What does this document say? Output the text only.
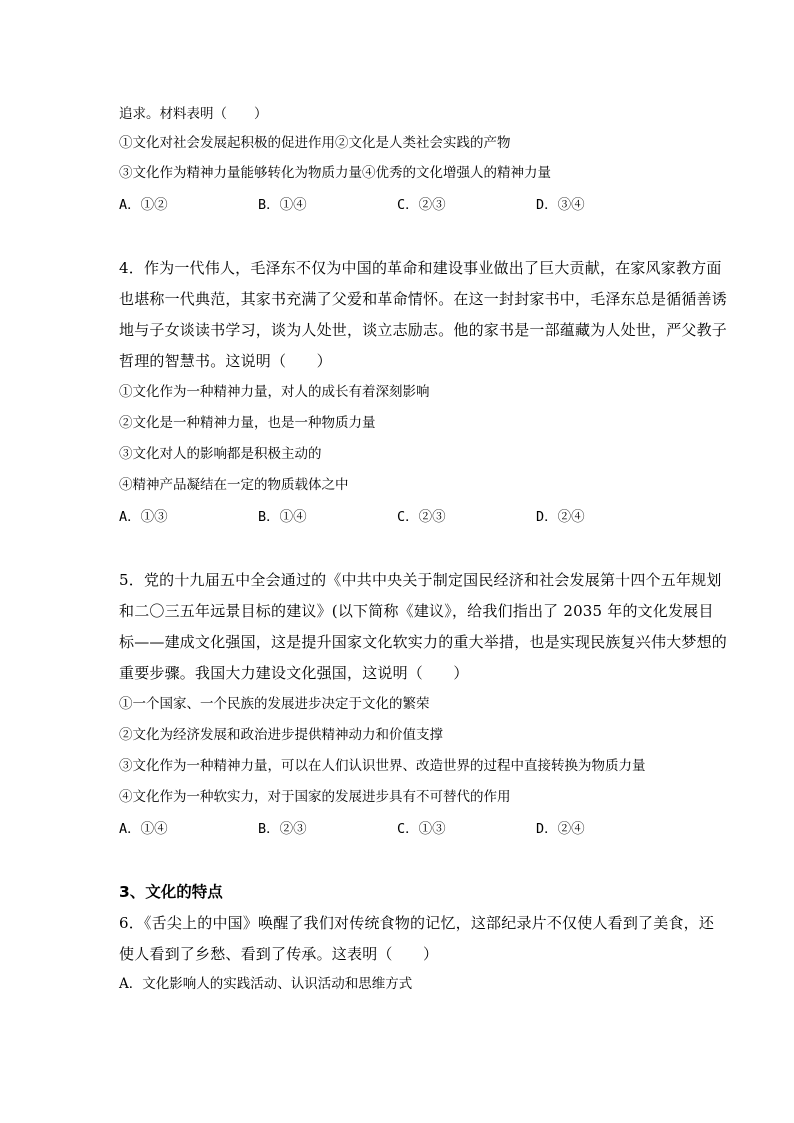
追求。材料表明（　　）
①文化对社会发展起积极的促进作用②文化是人类社会实践的产物
③文化作为精神力量能够转化为物质力量④优秀的文化增强人的精神力量
A．①②	B．①④	C．②③	D．③④
4．作为一代伟人，毛泽东不仅为中国的革命和建设事业做出了巨大贡献，在家风家教方面
也堪称一代典范，其家书充满了父爱和革命情怀。在这一封封家书中，毛泽东总是循循善诱
地与子女谈读书学习，谈为人处世，谈立志励志。他的家书是一部蕴藏为人处世，严父教子
哲理的智慧书。这说明（　　）
①文化作为一种精神力量，对人的成长有着深刻影响
②文化是一种精神力量，也是一种物质力量
③文化对人的影响都是积极主动的
④精神产品凝结在一定的物质载体之中
A．①③	B．①④	C．②③	D．②④
5．党的十九届五中全会通过的《中共中央关于制定国民经济和社会发展第十四个五年规划
和二〇三五年远景目标的建议》(以下简称《建议》，给我们指出了 2035 年的文化发展目
标——建成文化强国，这是提升国家文化软实力的重大举措，也是实现民族复兴伟大梦想的
重要步骤。我国大力建设文化强国，这说明（　　）
①一个国家、一个民族的发展进步决定于文化的繁荣
②文化为经济发展和政治进步提供精神动力和价值支撑
③文化作为一种精神力量，可以在人们认识世界、改造世界的过程中直接转换为物质力量
④文化作为一种软实力，对于国家的发展进步具有不可替代的作用
A．①④	B．②③	C．①③	D．②④
3、文化的特点
6．《舌尖上的中国》唤醒了我们对传统食物的记忆，这部纪录片不仅使人看到了美食，还
使人看到了乡愁、看到了传承。这表明（　　）
A．文化影响人的实践活动、认识活动和思维方式
